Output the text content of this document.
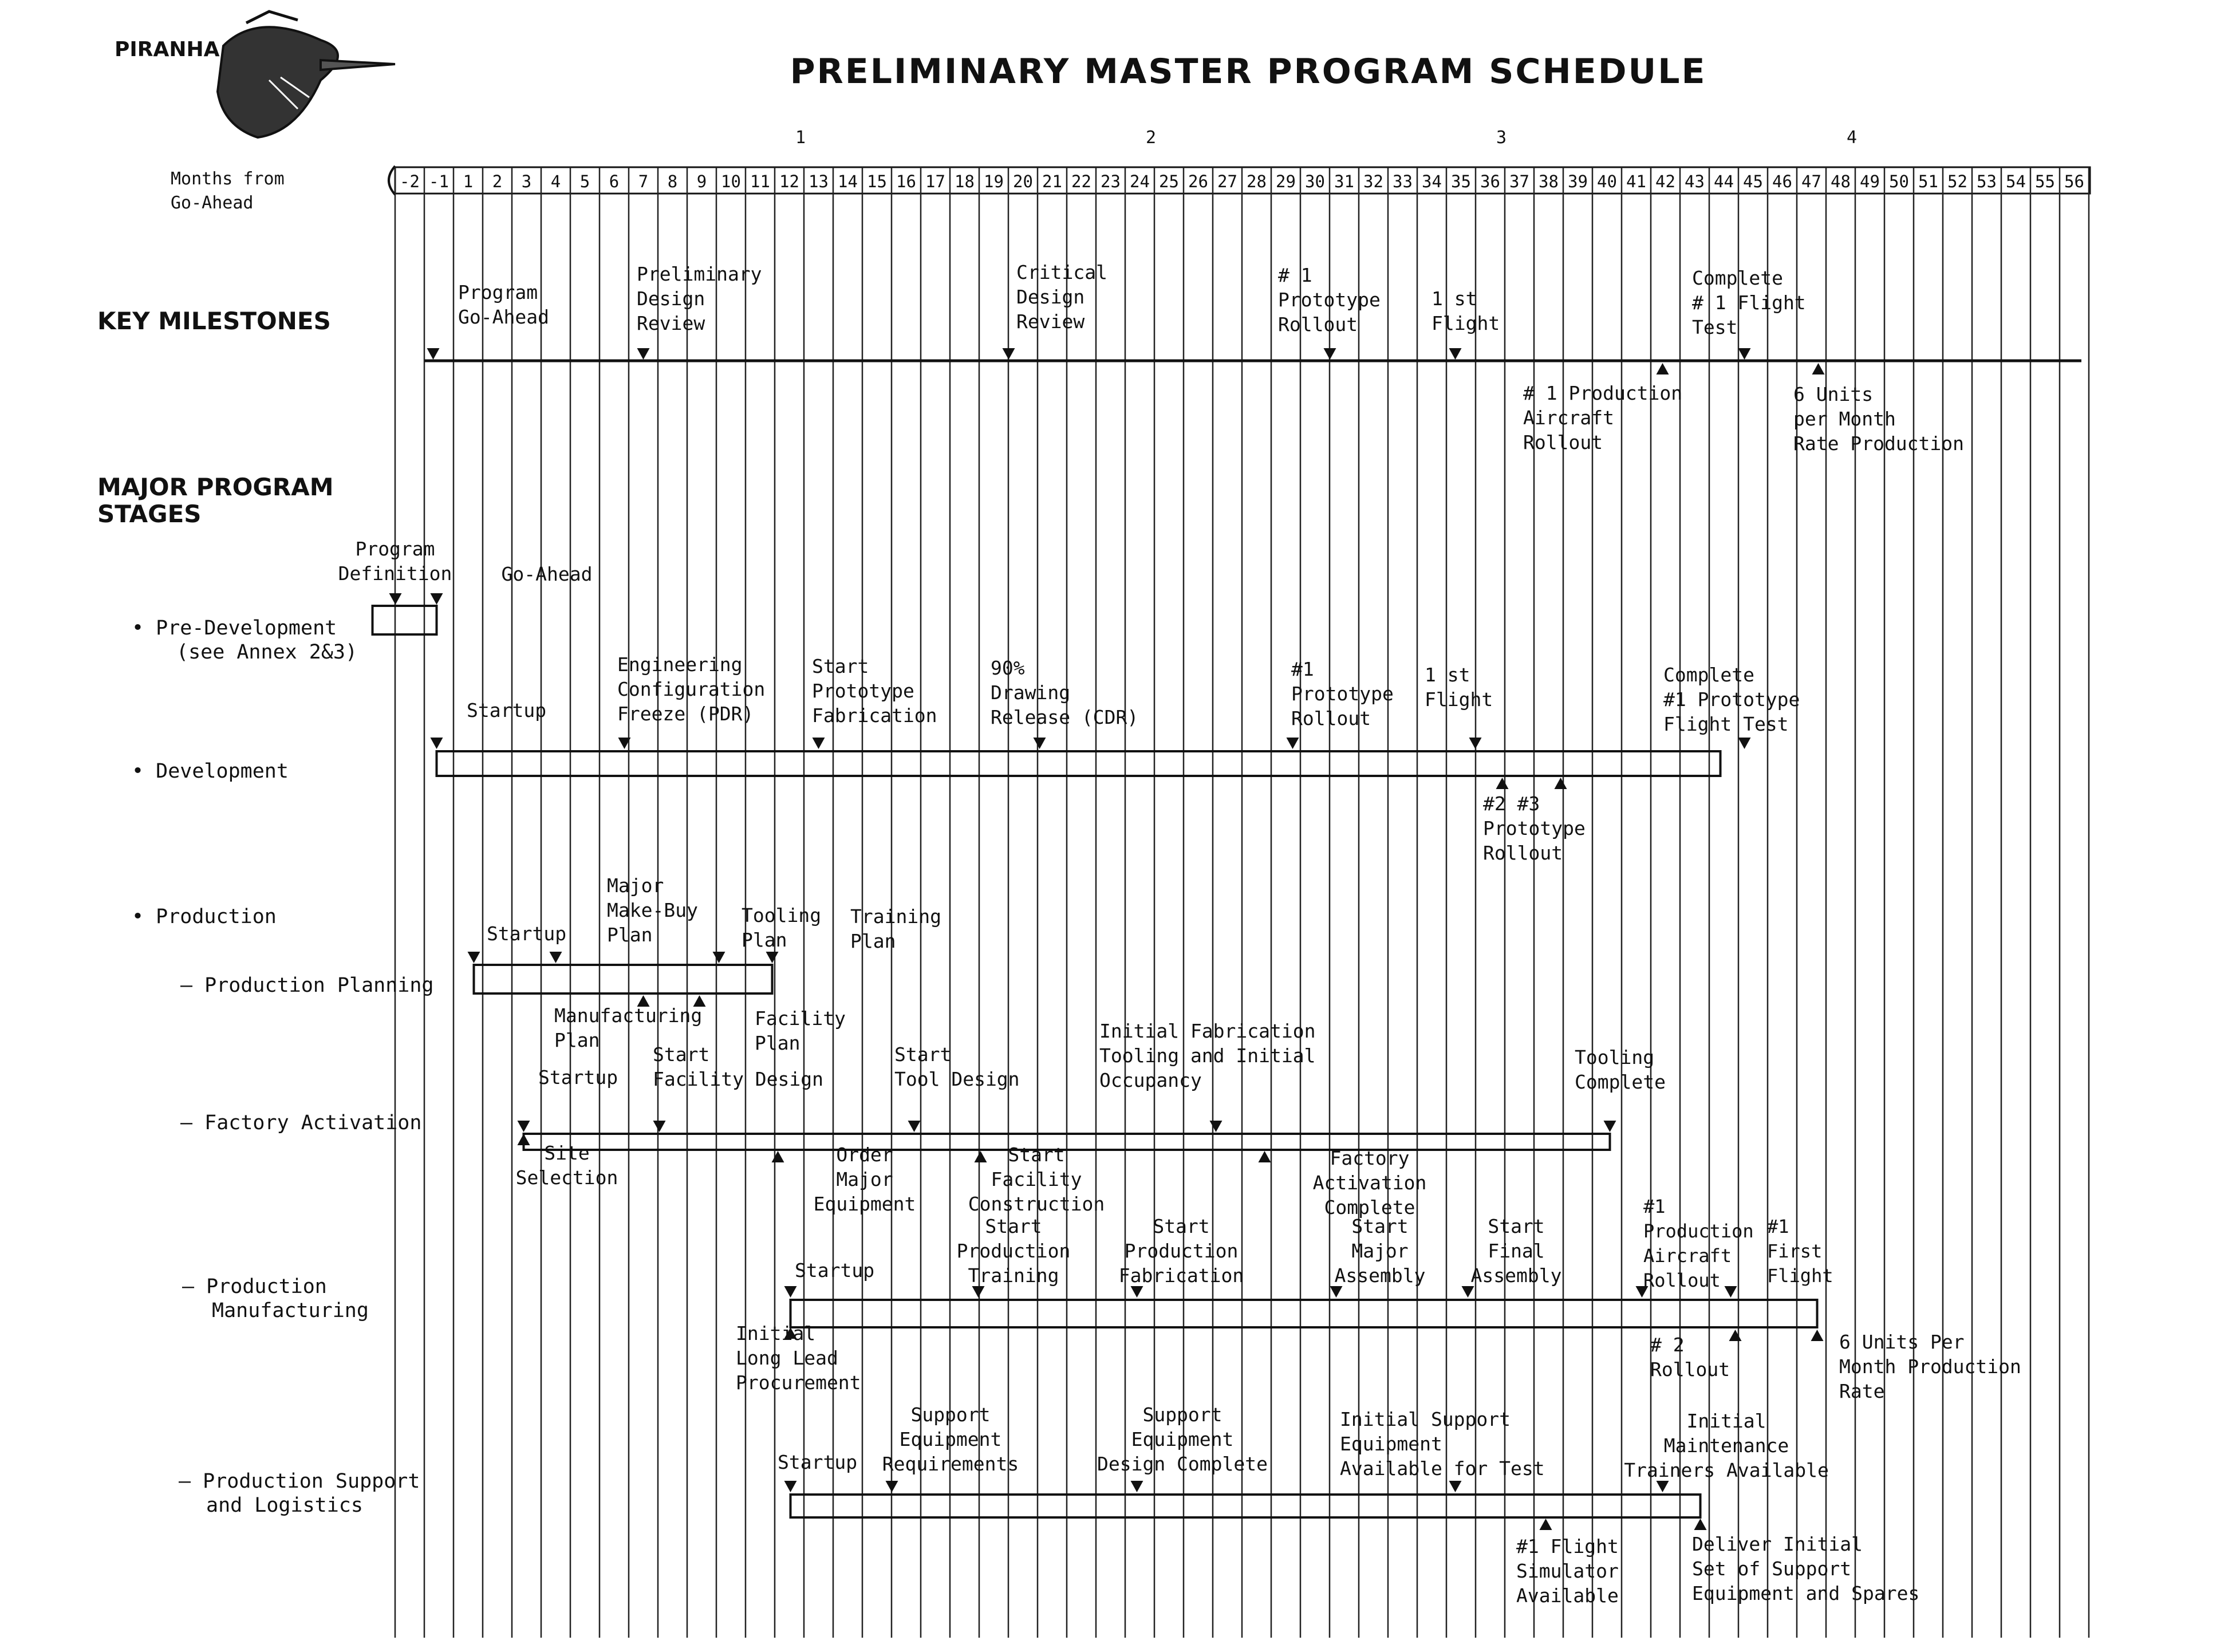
PIRANHA
PRELIMINARY MASTER PROGRAM SCHEDULE
Months from
Go-Ahead
-2 -1 1 2 3 4 5 6 7 8 9 10 11 12 13 14 15 16 17 18 19 20 21 22 23 24 25 26 27 28 29 30 31 32 33 34 35 36 37 38 39 40 41 42 43 44 45 46 47 48 49 50 51 52 53 54 55 56
1	2	3	4
KEY MILESTONES
MAJOR PROGRAM
STAGES
• Pre-Development
(see Annex 2&3)
• Development
• Production
– Production Planning
– Factory Activation
– Production
Manufacturing
– Production Support
and Logistics
Program
Go-Ahead
Preliminary
Design
Review
Critical
Design
Review
# 1
Prototype
Rollout
1 st
Flight
Complete
# 1 Flight
Test
# 1 Production
Aircraft
Rollout
6 Units
per Month
Rate Production
Program
Definition	Go-Ahead
Startup
Engineering
Configuration
Freeze (PDR)
Start
Prototype
Fabrication
90%
Drawing
Release (CDR)
#1
Prototype
Rollout
1 st
Flight
Complete
#1 Prototype
Flight Test
#2 #3
Prototype
Rollout
Startup
Major
Make-Buy
Plan
Tooling
Plan
Training
Plan
Manufacturing
Plan
Facility
Plan
Startup
Start
Facility Design
Start
Tool Design
Initial Fabrication
Tooling and Initial
Occupancy
Tooling
Complete
Site
Selection
Order
Major
Equipment
Start
Facility
Construction
Factory
Activation
Complete
Startup
Start
Production
Training
Start
Production
Fabrication
Start
Major
Assembly
Start
Final
Assembly
#1
Production
Aircraft
Rollout
#1
First
Flight
Initial
Long Lead
Procurement
# 2
Rollout
6 Units Per
Month Production
Rate
Startup
Support
Equipment
Requirements
Support
Equipment
Design Complete
Initial Support
Equipment
Available for Test
Initial
Maintenance
Trainers Available
#1 Flight
Simulator
Available
Deliver Initial
Set of Support
Equipment and Spares
